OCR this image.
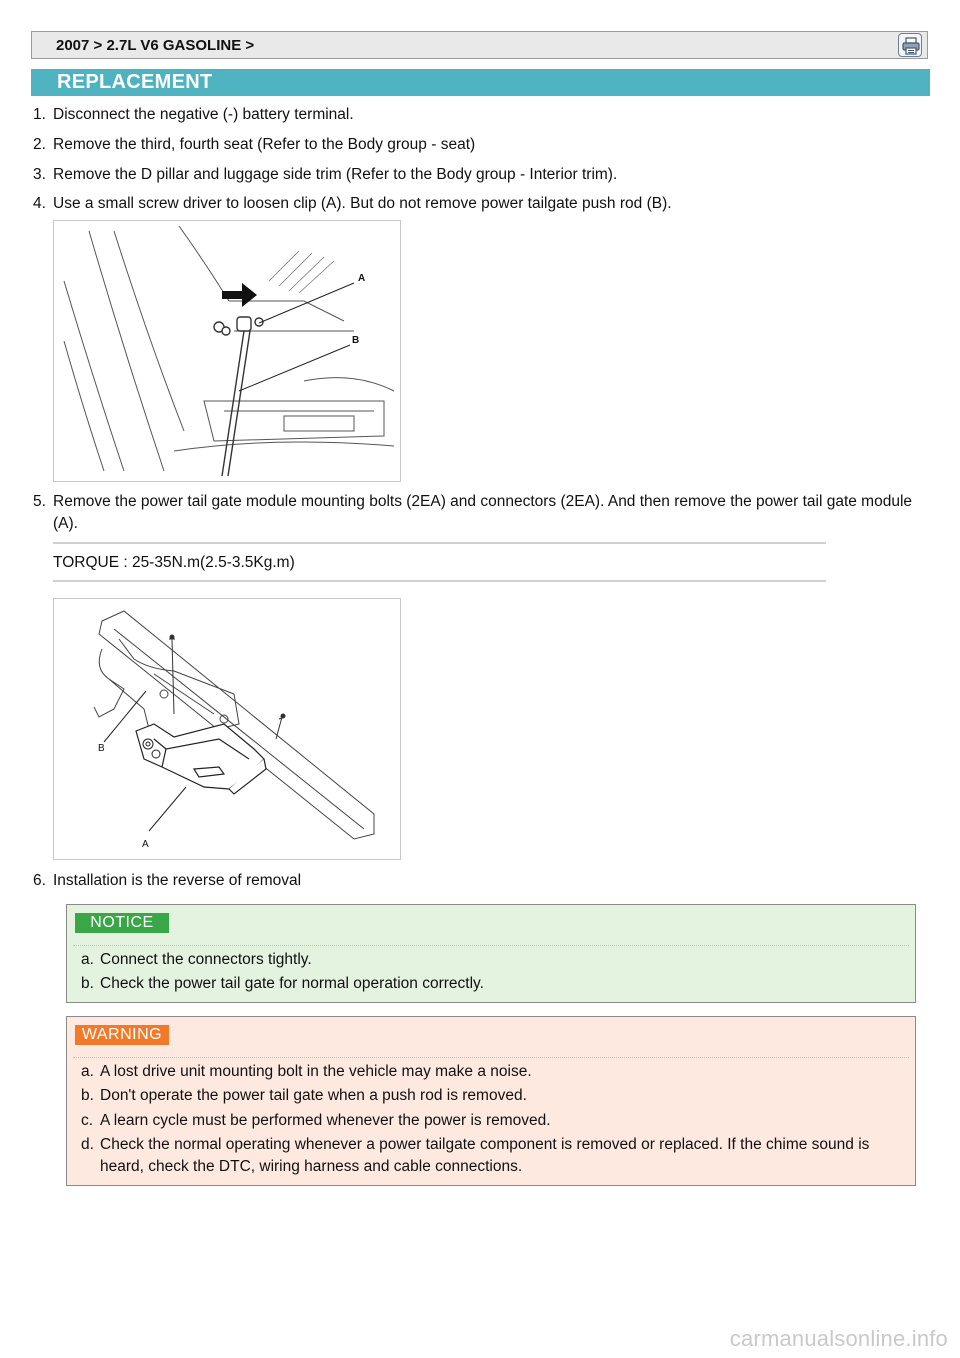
2007 > 2.7L V6 GASOLINE >
REPLACEMENT
1. Disconnect the negative (-) battery terminal.
2. Remove the third, fourth seat (Refer to the Body group - seat)
3. Remove the D pillar and luggage side trim (Refer to the Body group - Interior trim).
4. Use a small screw driver to loosen clip (A). But do not remove power tailgate push rod (B).
A
B
5. Remove the power tail gate module mounting bolts (2EA) and connectors (2EA). And then remove the power tail gate module (A).
TORQUE : 25-35N.m(2.5-3.5Kg.m)
B
A
6. Installation is the reverse of removal
NOTICE
a. Connect the connectors tightly.
b. Check the power tail gate for normal operation correctly.
WARNING
a. A lost drive unit mounting bolt in the vehicle may make a noise.
b. Don't operate the power tail gate when a push rod is removed.
c. A learn cycle must be performed whenever the power is removed.
d. Check the normal operating whenever a power tailgate component is removed or replaced. If the chime sound is heard, check the DTC, wiring harness and cable connections.
carmanualsonline.info
